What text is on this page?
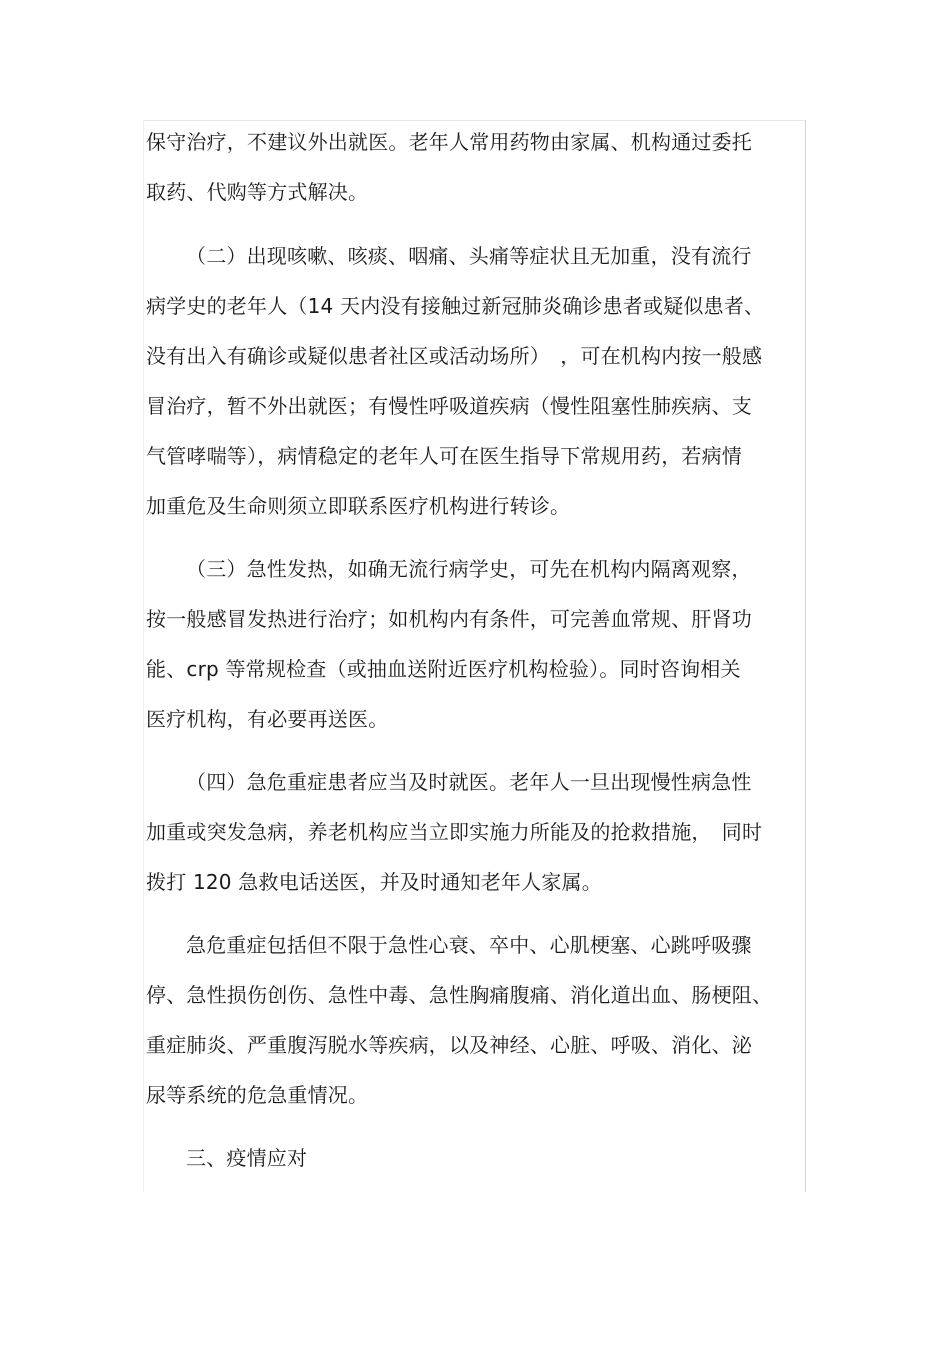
保守治疗，不建议外出就医。老年人常用药物由家属、机构通过委托
取药、代购等方式解决。
（二）出现咳嗽、咳痰、咽痛、头痛等症状且无加重，没有流行
病学史的老年人（14 天内没有接触过新冠肺炎确诊患者或疑似患者、
没有出入有确诊或疑似患者社区或活动场所）　，可在机构内按一般感
冒治疗，暂不外出就医；有慢性呼吸道疾病（慢性阻塞性肺疾病、支
气管哮喘等），病情稳定的老年人可在医生指导下常规用药，若病情
加重危及生命则须立即联系医疗机构进行转诊。
（三）急性发热，如确无流行病学史，可先在机构内隔离观察，
按一般感冒发热进行治疗；如机构内有条件，可完善血常规、肝肾功
能、crp 等常规检查（或抽血送附近医疗机构检验）。同时咨询相关
医疗机构，有必要再送医。
（四）急危重症患者应当及时就医。老年人一旦出现慢性病急性
加重或突发急病，养老机构应当立即实施力所能及的抢救措施，　同时
拨打 120 急救电话送医，并及时通知老年人家属。
急危重症包括但不限于急性心衰、卒中、心肌梗塞、心跳呼吸骤
停、急性损伤创伤、急性中毒、急性胸痛腹痛、消化道出血、肠梗阻、
重症肺炎、严重腹泻脱水等疾病，以及神经、心脏、呼吸、消化、泌
尿等系统的危急重情况。
三、疫情应对
